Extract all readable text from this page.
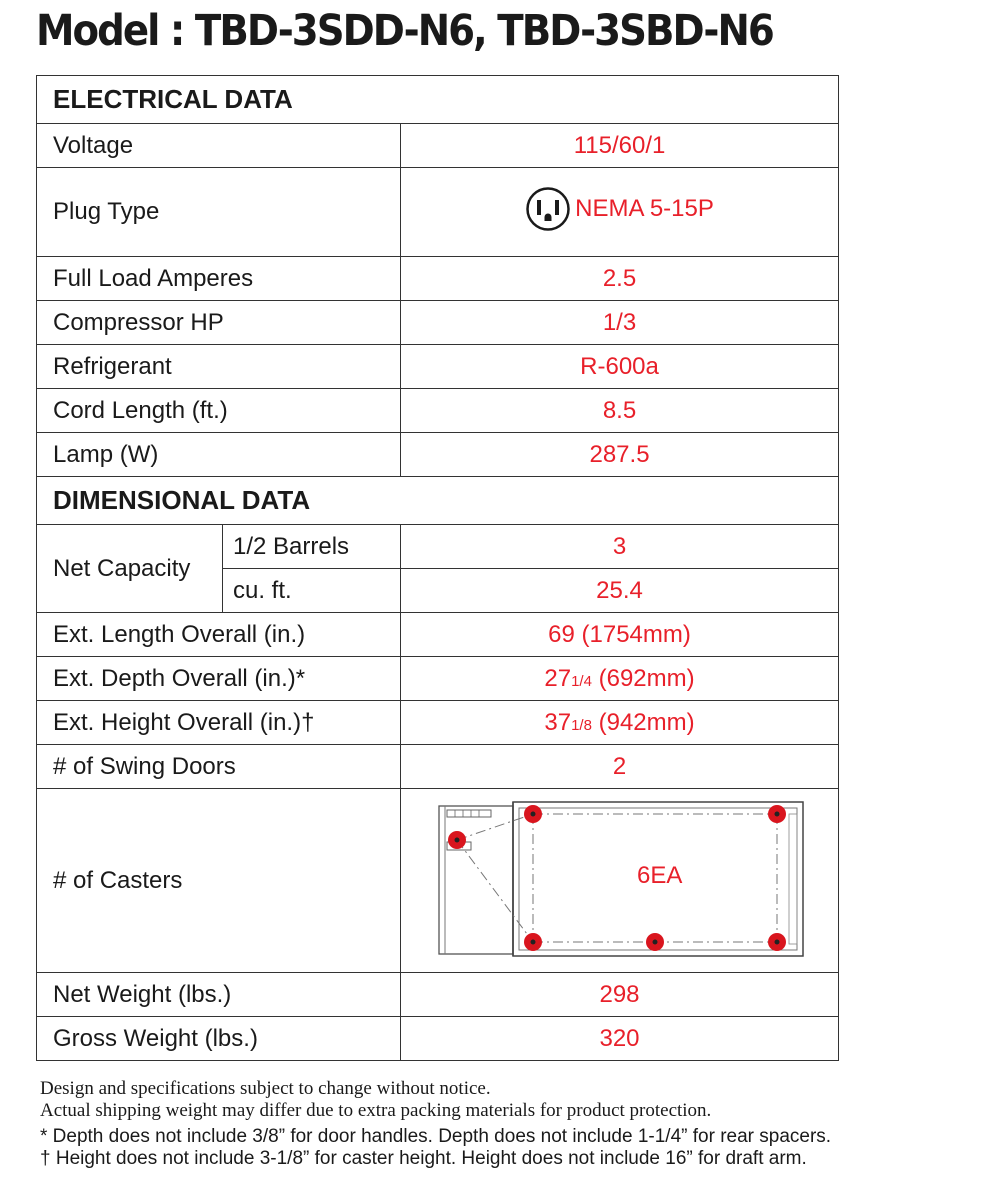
Model : TBD-3SDD-N6, TBD-3SBD-N6
ELECTRICAL DATA		
Voltage		115/60/1
Plug Type		NEMA 5-15P

Full Load Amperes		2.5
Compressor HP		1/3
Refrigerant		R-600a
Cord Length (ft.)		8.5
Lamp (W)		287.5
DIMENSIONAL DATA		
Net Capacity	1/2 Barrels	3
	cu. ft.	25.4
Ext. Length Overall (in.)		69 (1754mm)
Ext. Depth Overall (in.)*		271/4 (692mm)
Ext. Height Overall (in.)†		371/8 (942mm)
# of Swing Doors		2
# of Casters		6EA

Net Weight (lbs.)		298
Gross Weight (lbs.)		320
Design and specifications subject to change without notice.
Actual shipping weight may differ due to extra packing materials for product protection.
* Depth does not include 3/8” for door handles. Depth does not include 1-1/4” for rear spacers.
† Height does not include 3-1/8” for caster height. Height does not include 16” for draft arm.
